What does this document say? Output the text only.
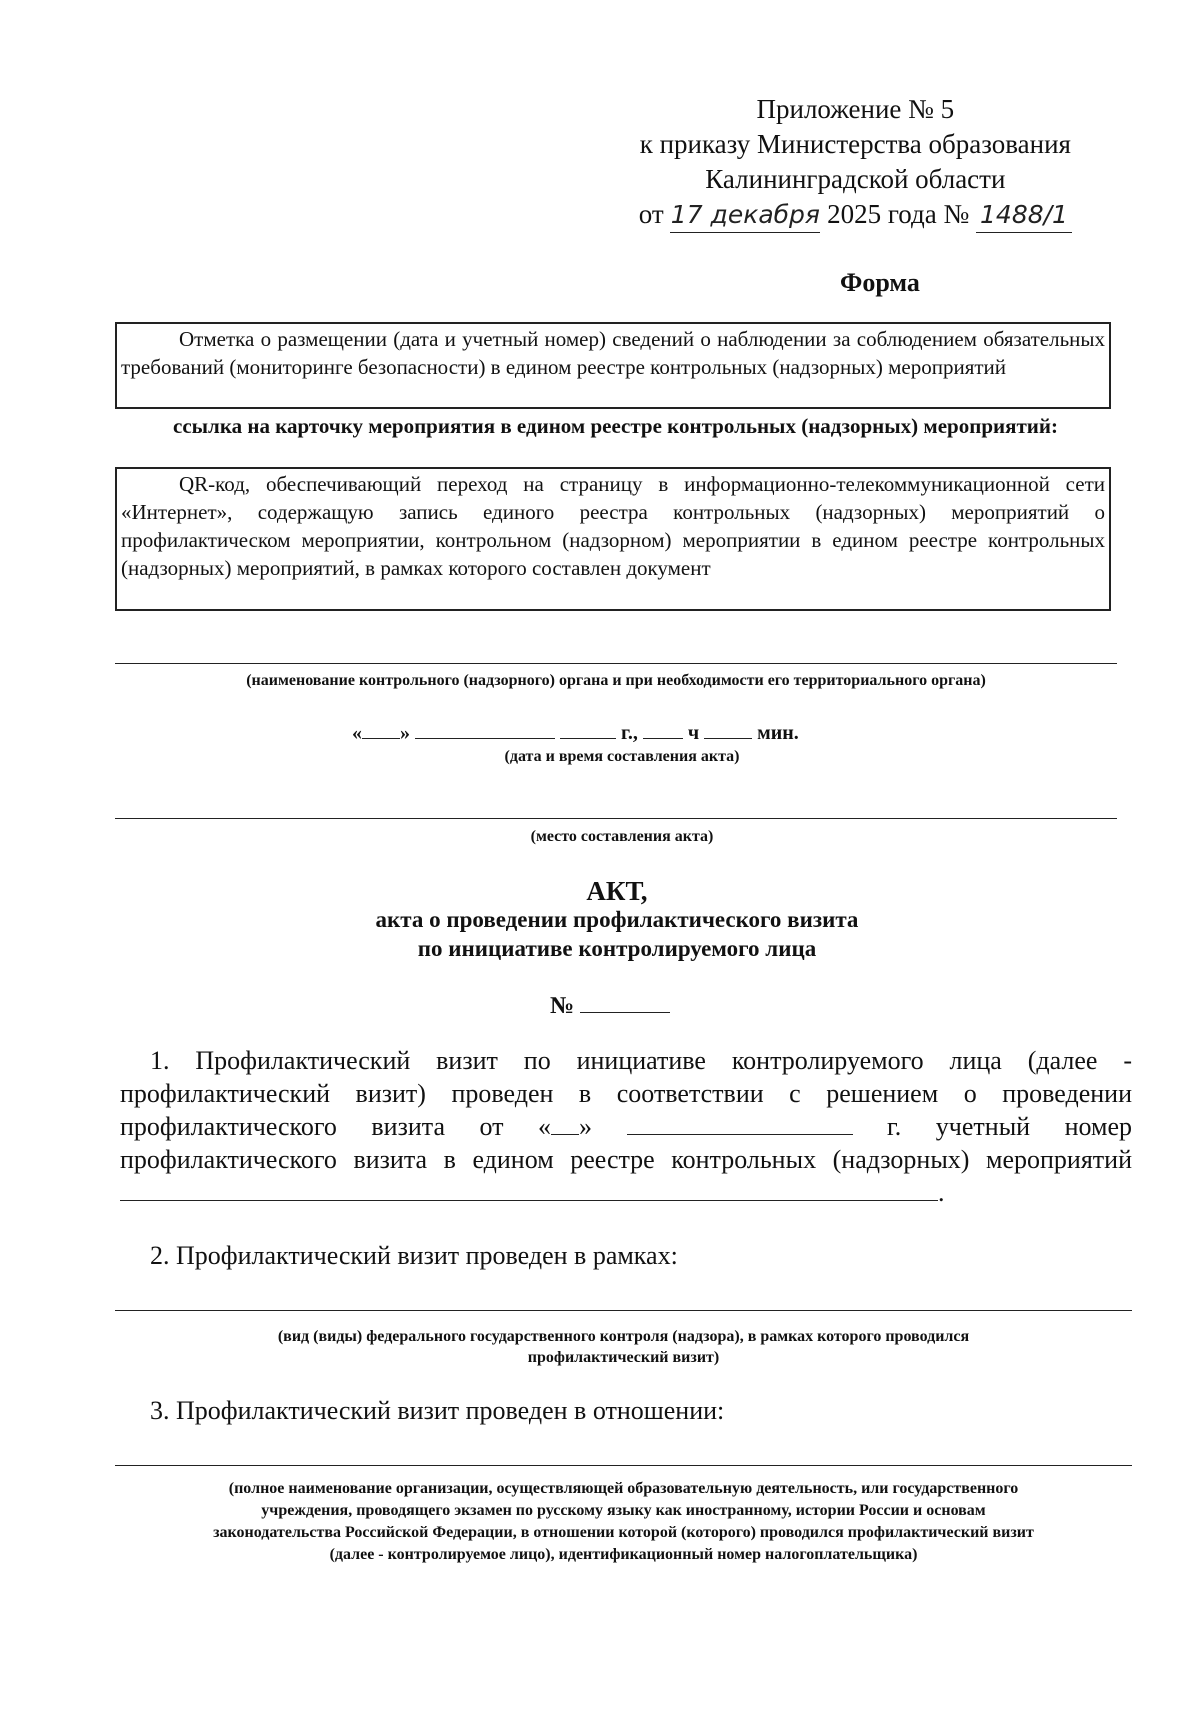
Приложение № 5
к приказу Министерства образования
Калининградской области
от 17 декабря 2025 года № 1488/1
Форма

Отметка о размещении (дата и учетный номер) сведений о наблюдении за соблюдением обязательных требований (мониторинге безопасности) в едином реестре контрольных (надзорных) мероприятий

ссылка на карточку мероприятия в едином реестре контрольных (надзорных) мероприятий:

QR-код, обеспечивающий переход на страницу в информационно-телекоммуникационной сети «Интернет», содержащую запись единого реестра контрольных (надзорных) мероприятий о профилактическом мероприятии, контрольном (надзорном) мероприятии в едином реестре контрольных (надзорных) мероприятий, в рамках которого составлен документ

(наименование контрольного (надзорного) органа и при необходимости его территориального органа)
« »	г.,	ч	мин.
(дата и время составления акта)
(место составления акта)
АКТ,
акта о проведении профилактического визита
по инициативе контролируемого лица
№

1. Профилактический визит по инициативе контролируемого лица (далее - профилактический визит) проведен в соответствии с решением о проведении профилактического визита от « »	г. учетный номер профилактического визита в едином реестре контрольных (надзорных) мероприятий .

2. Профилактический визит проведен в рамках:

(вид (виды) федерального государственного контроля (надзора), в рамках которого проводился
профилактический визит)

3. Профилактический визит проведен в отношении:

(полное наименование организации, осуществляющей образовательную деятельность, или государственного
учреждения, проводящего экзамен по русскому языку как иностранному, истории России и основам
законодательства Российской Федерации, в отношении которой (которого) проводился профилактический визит
(далее - контролируемое лицо), идентификационный номер налогоплательщика)
